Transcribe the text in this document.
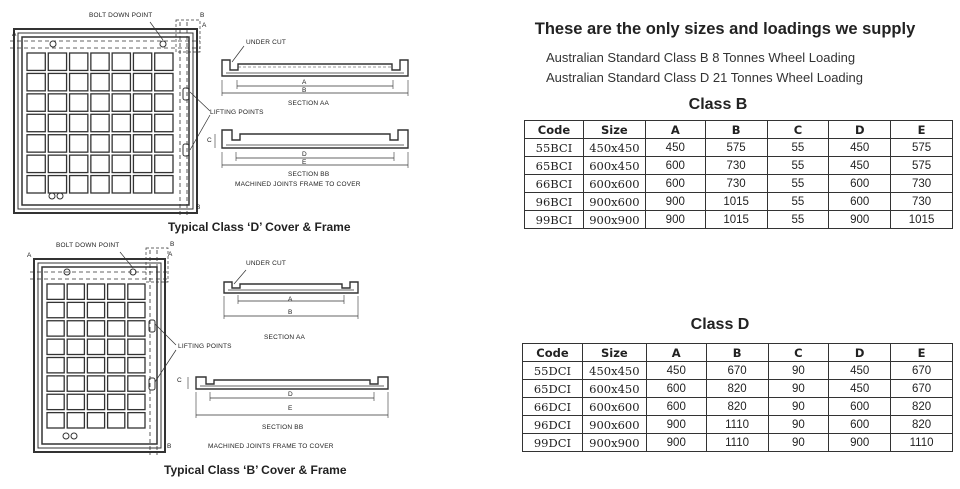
BOLT DOWN POINT
A
B
A
B
UNDER CUT
LIFTING POINTS
A
B
SECTION AA
C
D
E
SECTION BB
MACHINED JOINTS FRAME TO COVER
Typical Class ‘D’ Cover & Frame
BOLT DOWN POINT
A
B
A
B
UNDER CUT
LIFTING POINTS
A
B
SECTION AA
C
D
E
SECTION BB
MACHINED JOINTS FRAME TO COVER
Typical Class ‘B’ Cover & Frame
These are the only sizes and loadings we supply
Australian Standard Class B 8 Tonnes Wheel Loading
Australian Standard Class D 21 Tonnes Wheel Loading
Class B
Code	Size	A	B	C	D	E
55BCI	450x450	450	575	55	450	575
65BCI	600x450	600	730	55	450	575
66BCI	600x600	600	730	55	600	730
96BCI	900x600	900	1015	55	600	730
99BCI	900x900	900	1015	55	900	1015
Class D
Code	Size	A	B	C	D	E
55DCI	450x450	450	670	90	450	670
65DCI	600x450	600	820	90	450	670
66DCI	600x600	600	820	90	600	820
96DCI	900x600	900	1110	90	600	820
99DCI	900x900	900	1110	90	900	1110
